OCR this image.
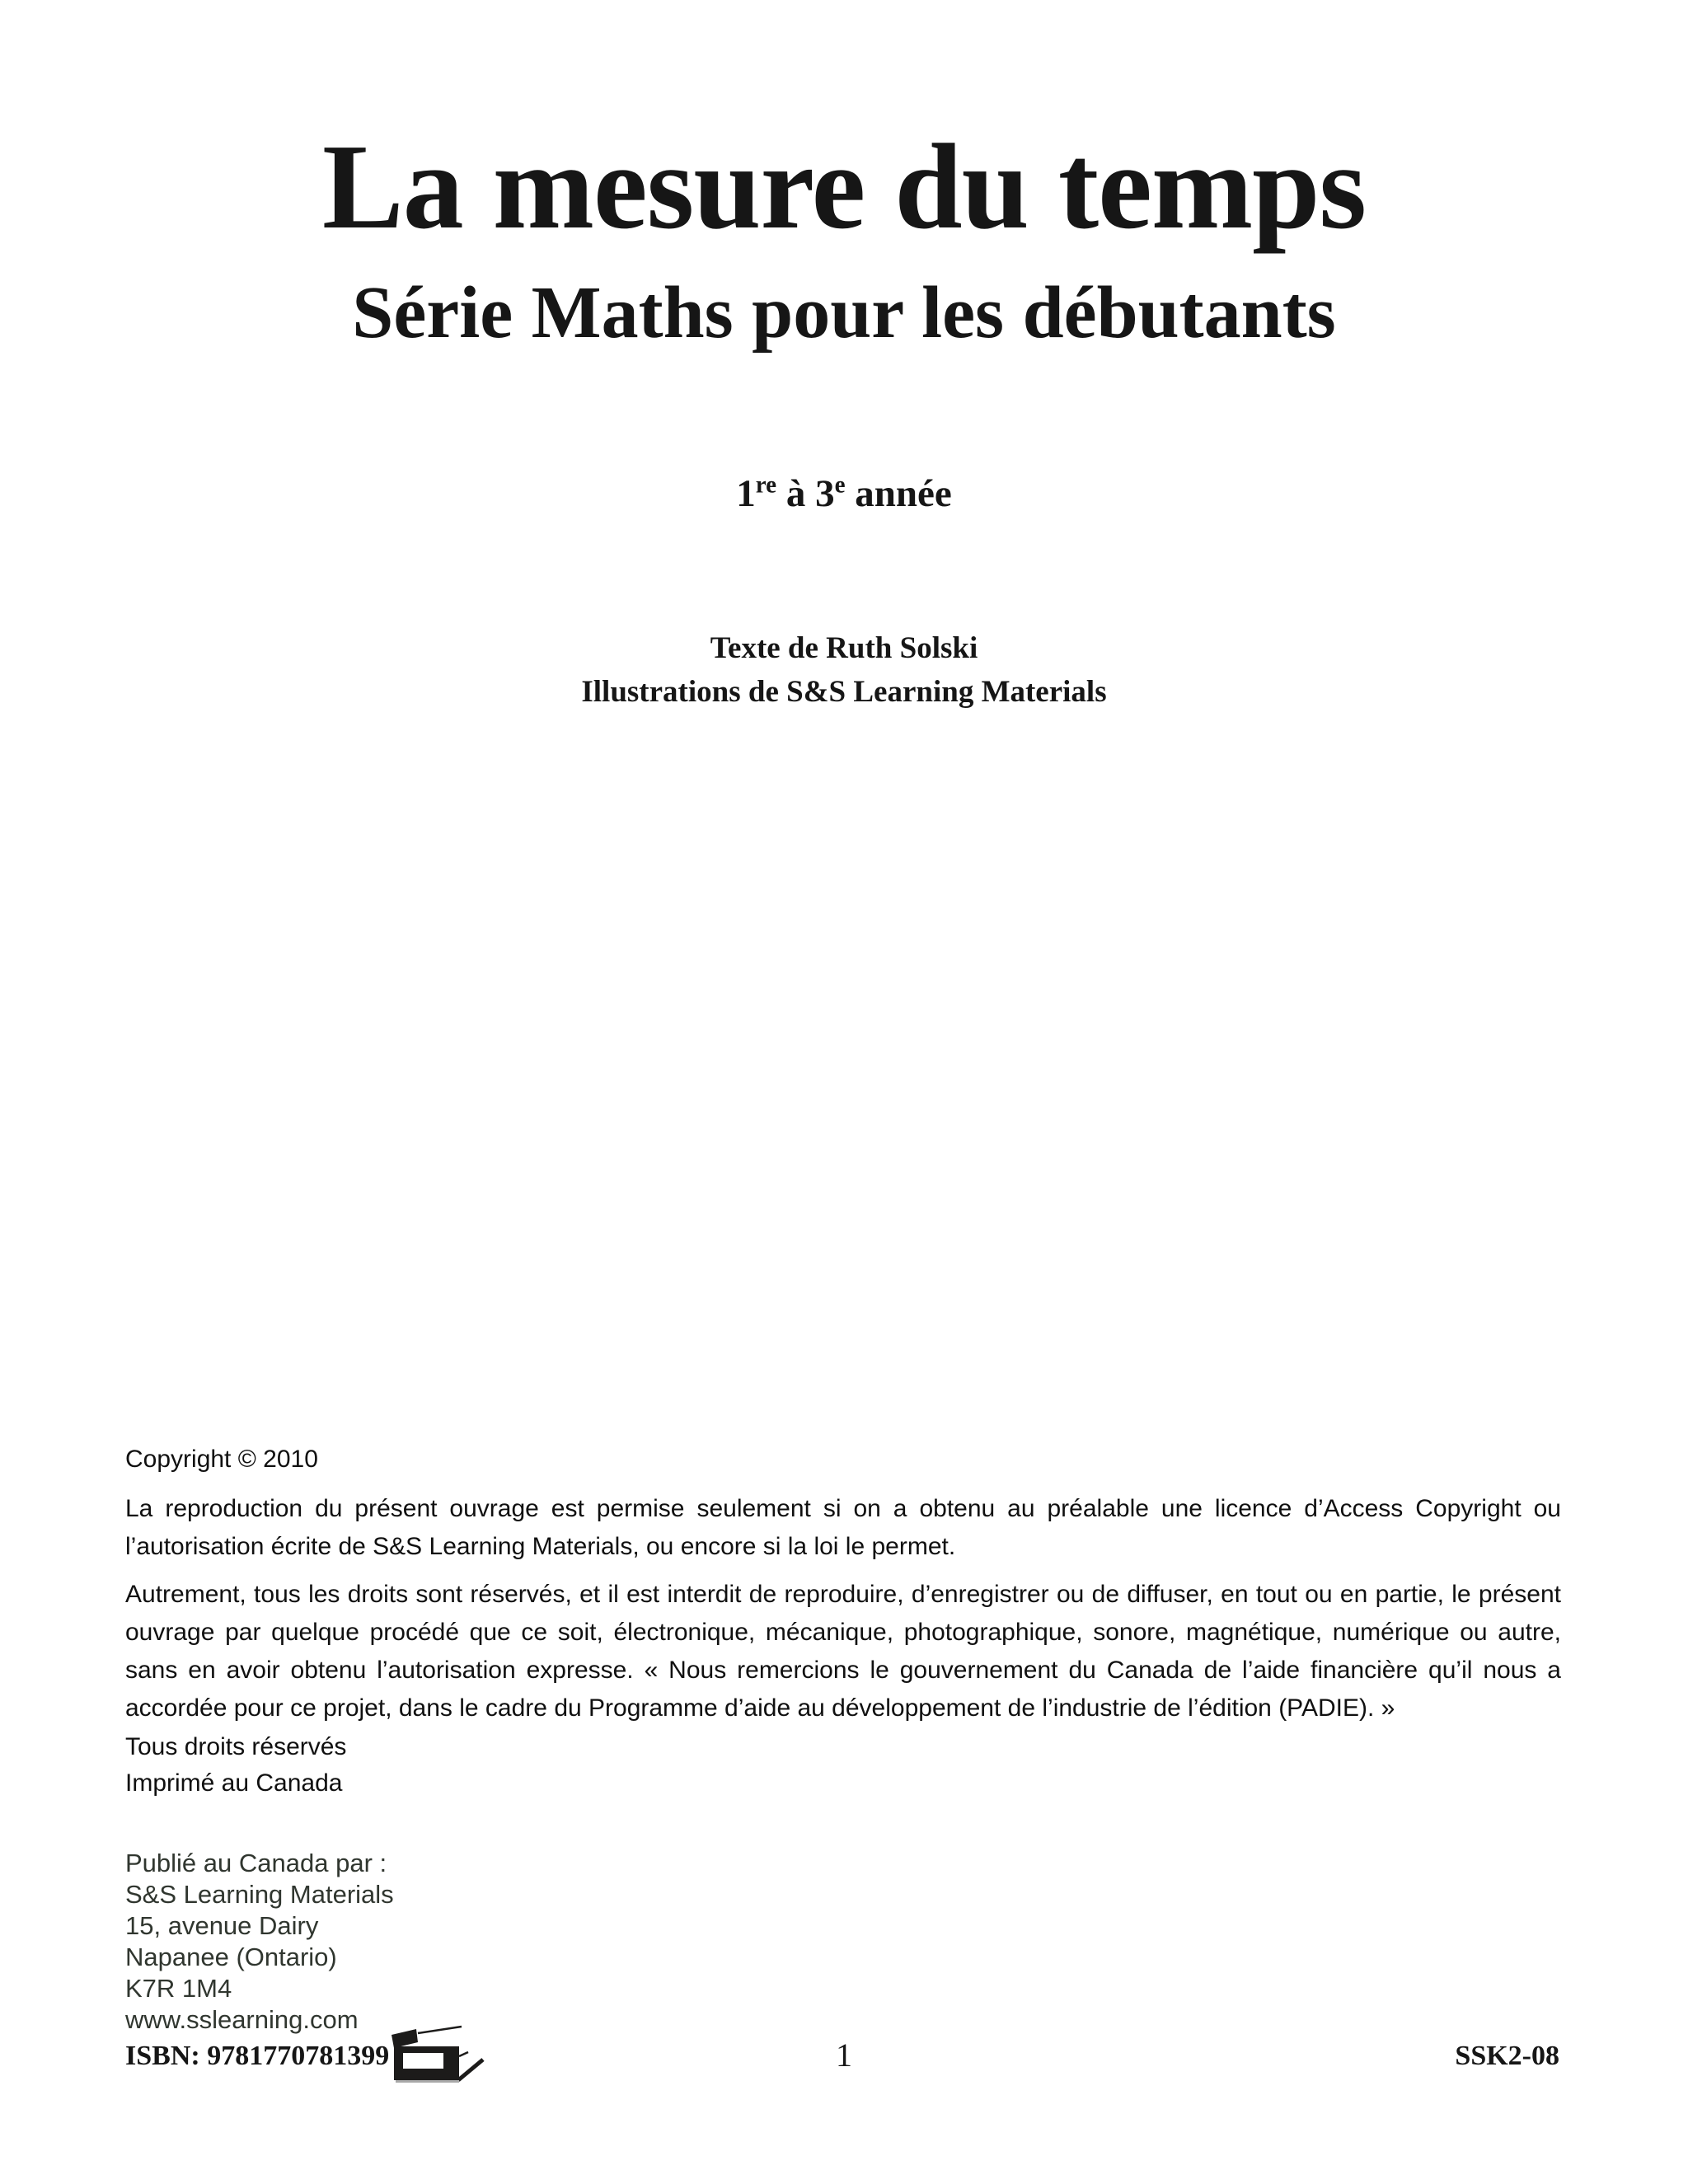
La mesure du temps
Série Maths pour les débutants
1re à 3e année
Texte de Ruth Solski
Illustrations de S&S Learning Materials
Copyright © 2010
La reproduction du présent ouvrage est permise seulement si on a obtenu au préalable une licence d’Access Copyright ou l’autorisation écrite de S&S Learning Materials, ou encore si la loi le permet.
Autrement, tous les droits sont réservés, et il est interdit de reproduire, d’enregistrer ou de diffuser, en tout ou en partie, le présent ouvrage par quelque procédé que ce soit, électronique, mécanique, photographique, sonore, magnétique, numérique ou autre, sans en avoir obtenu l’autorisation expresse. « Nous remercions le gouvernement du Canada de l’aide financière qu’il nous a accordée pour ce projet, dans le cadre du Programme d’aide au développement de l’industrie de l’édition (PADIE). »
Tous droits réservés
Imprimé au Canada
Publié au Canada par :
S&S Learning Materials
15, avenue Dairy
Napanee (Ontario)
K7R 1M4
www.sslearning.com
ISBN: 9781770781399	1	SSK2-08
